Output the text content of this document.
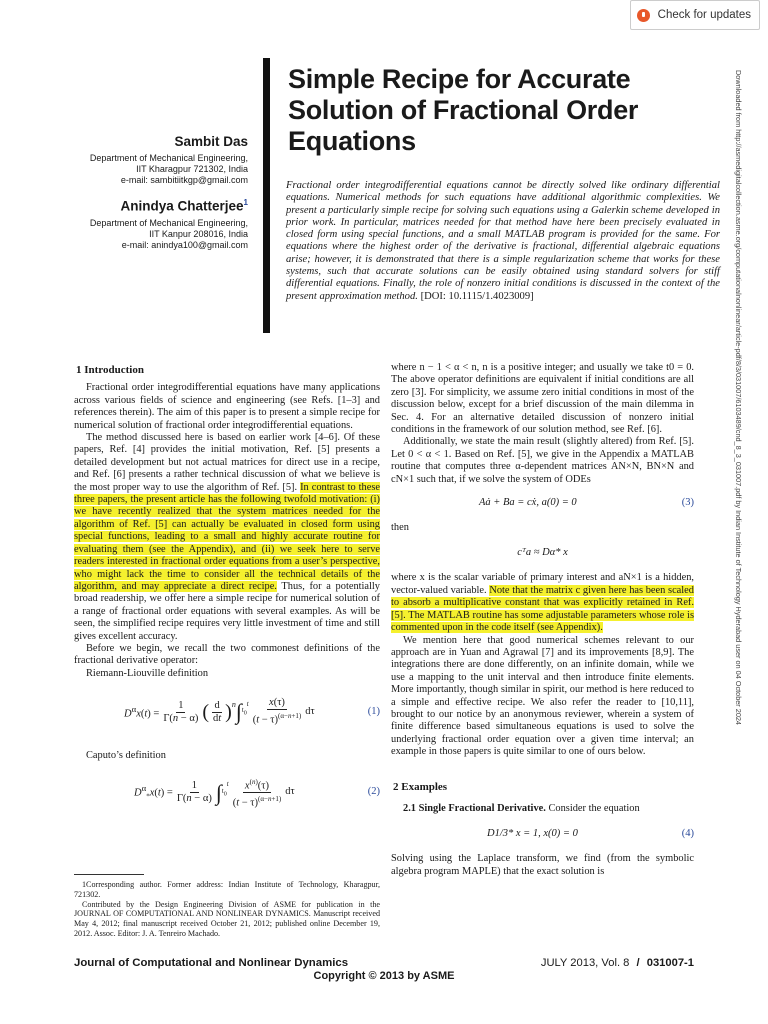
Check for updates
Sambit Das
Department of Mechanical Engineering,
IIT Kharagpur 721302, India
e-mail: sambitiitkgp@gmail.com
Anindya Chatterjee$^1$
Department of Mechanical Engineering,
IIT Kanpur 208016, India
e-mail: anindya100@gmail.com
Simple Recipe for Accurate
Solution of Fractional Order
Equations
Fractional order integrodifferential equations cannot be directly solved like ordinary differential equations. Numerical methods for such equations have additional algorithmic complexities. We present a particularly simple recipe for solving such equations using a Galerkin scheme developed in prior work. In particular, matrices needed for that method have here been precisely evaluated in closed form using special functions, and a small MATLAB program is provided for the same. For equations where the highest order of the derivative is fractional, differential algebraic equations arise; however, it is demonstrated that there is a simple regularization scheme that works for these systems, such that accurate solutions can be easily obtained using standard solvers for stiff differential equations. Finally, the role of nonzero initial conditions is discussed in the context of the present approximation method. [DOI: 10.1115/1.4023009]	Downloaded from http://asmedigitalcollection.asme.org/computationalnonlinear/article-pdf/8/3/031007/6103489/cnd_8_3_031007.pdf by Indian Institute of Technology Hyderabad user on 04 October 2024
1 Introduction

Fractional order integrodifferential equations have many applications across various fields of science and engineering (see Refs. [1–3] and references therein). The aim of this paper is to present a simple recipe for numerical solution of fractional order integrodifferential equations.

The method discussed here is based on earlier work [4–6]. Of these papers, Ref. [4] provides the initial motivation, Ref. [5] presents a detailed development but not actual matrices for direct use in a recipe, and Ref. [6] presents a rather technical discussion of what we believe is the most proper way to use the algorithm of Ref. [5]. In contrast to these three papers, the present article has the following twofold motivation: (i) we have recently realized that the system matrices needed for the algorithm of Ref. [5] can actually be evaluated in closed form using special functions, leading to a small and highly accurate routine for evaluating them (see the Appendix), and (ii) we seek here to serve readers interested in fractional order equations from a user’s perspective, who might lack the time to consider all the technical details of the algorithm, and may appreciate a direct recipe. Thus, for a potentially broad readership, we offer here a simple recipe for numerical solution of a range of fractional order equations with several examples. As will be seen, the simplified recipe requires very little investment of time and still gives excellent accuracy.

Before we begin, we recall the two commonest definitions of the fractional derivative operator:

Riemann-Liouville definition

$D^\alpha x(t) = \frac{1}{\Gamma(n - \alpha)}$ ( $\frac{d}{dt}$ ) $^n$ ∫ $t_0$
$^t \frac{x(\tau)}{(t - \tau)^{(\alpha-n+1)}}$ dτ	(1)

Caputo’s definition

$D^\alpha_*x(t) = \frac{1}{\Gamma(n - \alpha)}$ ∫ $t_0$
$^t \frac{x^{(n)}(\tau)}{(t - \tau)^{(\alpha-n+1)}}$ dτ	(2)

where n − 1 < α < n, n is a positive integer; and usually we take t0 = 0. The above operator definitions are equivalent if initial conditions are all zero [3]. For simplicity, we assume zero initial conditions in most of the discussion below, except for a brief discussion of the main dilemma in Sec. 4. For an alternative detailed discussion of nonzero initial conditions in the framework of our solution method, see Ref. [6].

Additionally, we state the main result (slightly altered) from Ref. [5]. Let 0 < α < 1. Based on Ref. [5], we give in the Appendix a MATLAB routine that computes three α-dependent matrices AN×N, BN×N and cN×1 such that, if we solve the system of ODEs

Aȧ + Ba = cẋ, a(0) = 0	(3)

then

cᵀa ≈ Dα* x

where x is the scalar variable of primary interest and aN×1 is a hidden, vector-valued variable. Note that the matrix c given here has been scaled to absorb a multiplicative constant that was explicitly retained in Ref. [5]. The MATLAB routine has some adjustable parameters whose role is commented upon in the code itself (see Appendix).

We mention here that good numerical schemes relevant to our approach are in Yuan and Agrawal [7] and its improvements [8,9]. The integrations there are done differently, on an infinite domain, while we use a mapping to the unit interval and then introduce finite elements. More importantly, though similar in spirit, our method is here reduced to a simple and effective recipe. We also refer the reader to [10,11], brought to our notice by an anonymous reviewer, wherein a system of finite difference based simultaneous equations is used to solve the underlying fractional order equation over a given time interval; an example in those papers is quite similar to one of ours below.

2 Examples

2.1 Single Fractional Derivative. Consider the equation

D1/3* x = 1, x(0) = 0	(4)

Solving using the Laplace transform, we find (from the symbolic algebra program MAPLE) that the exact solution is

1Corresponding author. Former address: Indian Institute of Technology, Kharagpur, 721302.

Contributed by the Design Engineering Division of ASME for publication in the JOURNAL OF COMPUTATIONAL AND NONLINEAR DYNAMICS. Manuscript received May 4, 2012; final manuscript received October 21, 2012; published online December 19, 2012. Assoc. Editor: J. A. Tenreiro Machado.

Journal of Computational and Nonlinear Dynamics	JULY 2013, Vol. 8 / 031007-1
Copyright © 2013 by ASME
